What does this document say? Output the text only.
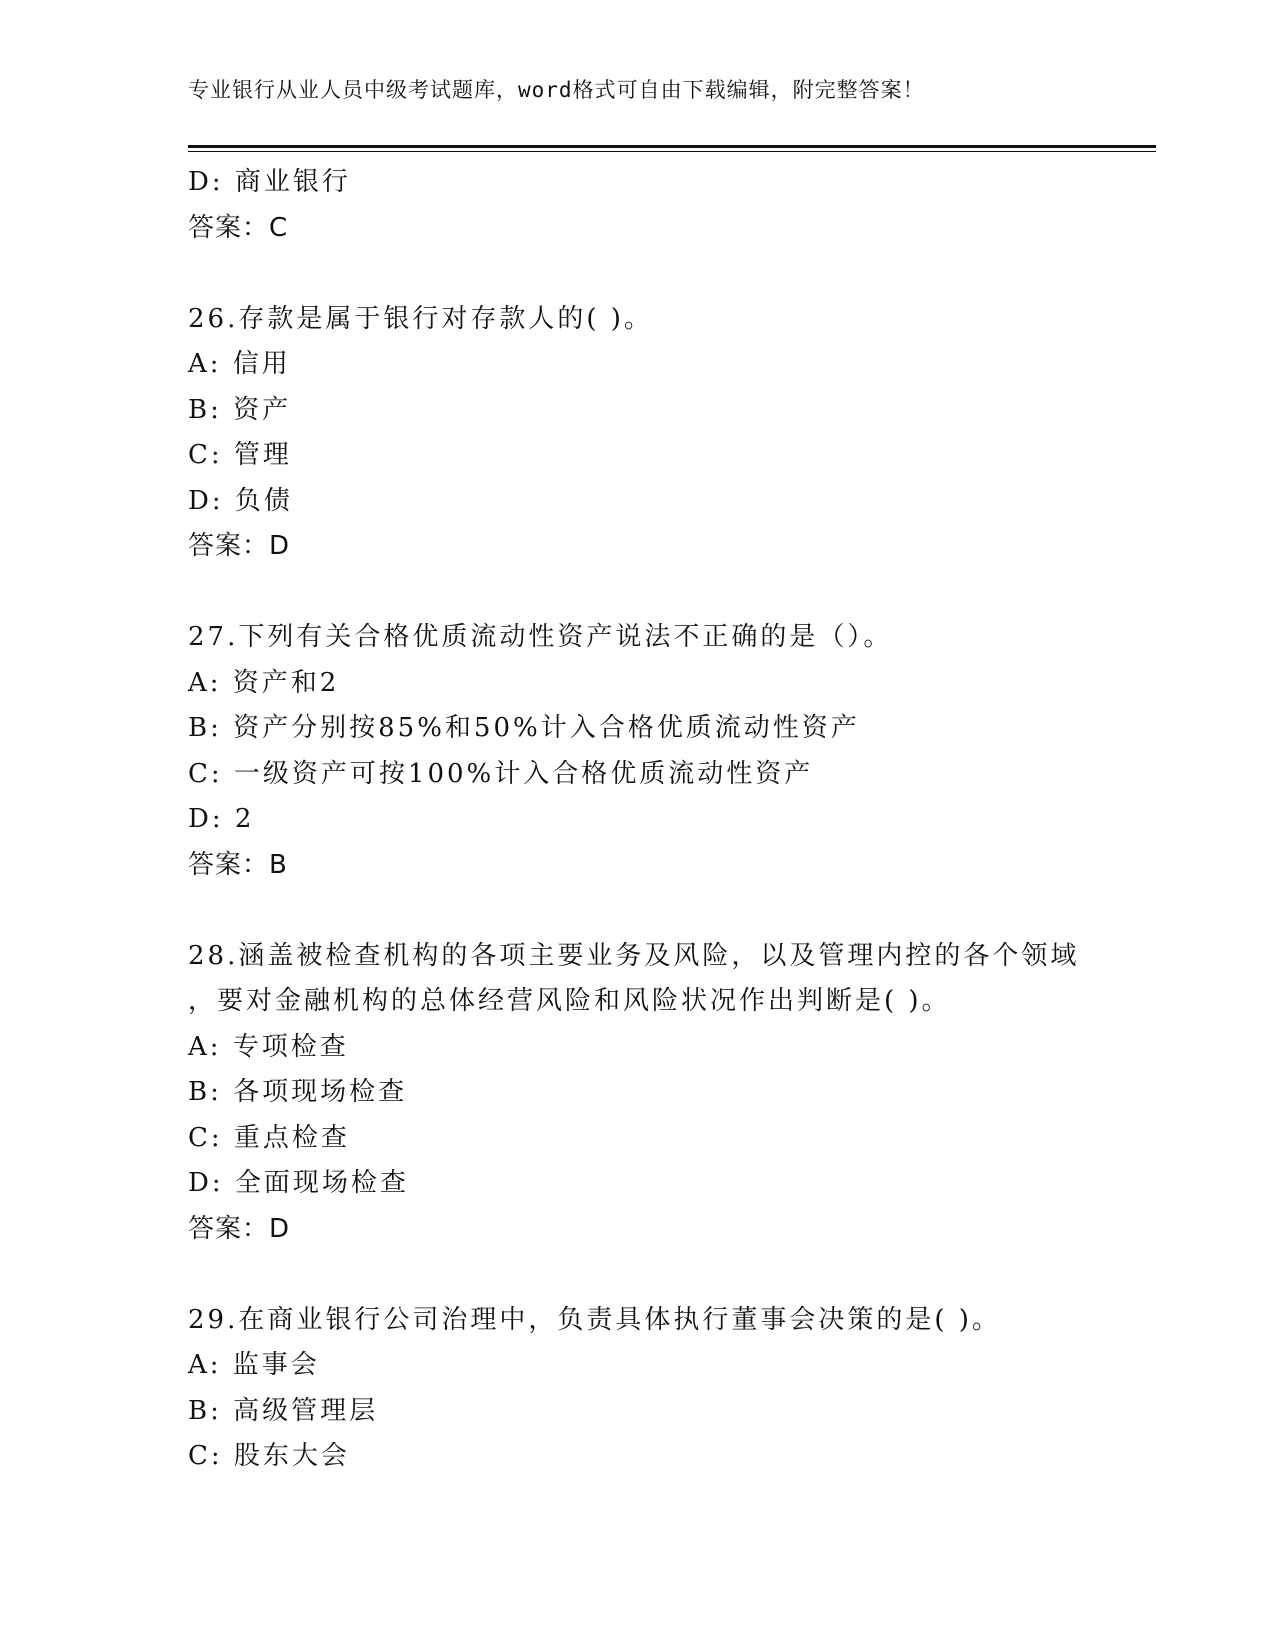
专业银行从业人员中级考试题库，word格式可自由下载编辑，附完整答案！
D: 商业银行
答案：C
26.存款是属于银行对存款人的( )。
A: 信用
B: 资产
C: 管理
D: 负债
答案：D
27.下列有关合格优质流动性资产说法不正确的是（）。
A: 资产和2
B: 资产分别按85%和50%计入合格优质流动性资产
C: 一级资产可按100%计入合格优质流动性资产
D: 2
答案：B
28.涵盖被检查机构的各项主要业务及风险，以及管理内控的各个领域
，要对金融机构的总体经营风险和风险状况作出判断是( )。
A: 专项检查
B: 各项现场检查
C: 重点检查
D: 全面现场检查
答案：D
29.在商业银行公司治理中，负责具体执行董事会决策的是( )。
A: 监事会
B: 高级管理层
C: 股东大会
